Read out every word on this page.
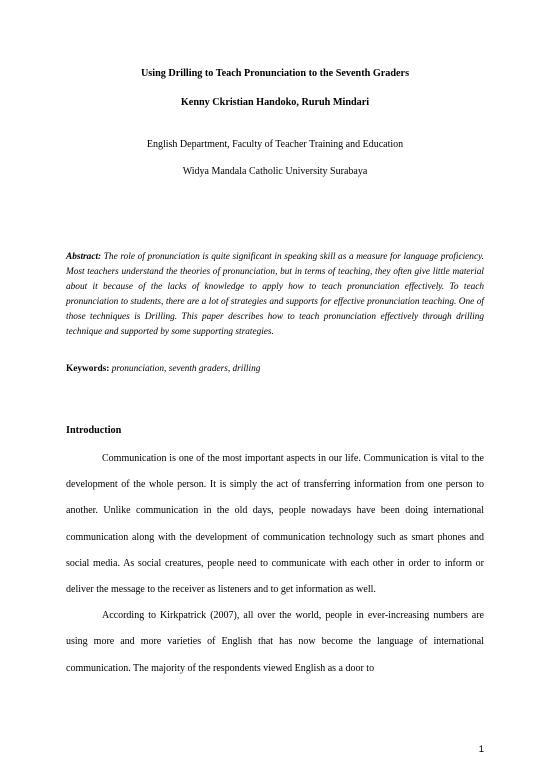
Using Drilling to Teach Pronunciation to the Seventh Graders
Kenny Ckristian Handoko, Ruruh Mindari
English Department, Faculty of Teacher Training and Education
Widya Mandala Catholic University Surabaya

Abstract: The role of pronunciation is quite significant in speaking skill as a measure for language proficiency. Most teachers understand the theories of pronunciation, but in terms of teaching, they often give little material about it because of the lacks of knowledge to apply how to teach pronunciation effectively. To teach pronunciation to students, there are a lot of strategies and supports for effective pronunciation teaching. One of those techniques is Drilling. This paper describes how to teach pronunciation effectively through drilling technique and supported by some supporting strategies.

Keywords: pronunciation, seventh graders, drilling

Introduction

Communication is one of the most important aspects in our life. Communication is vital to the development of the whole person. It is simply the act of transferring information from one person to another. Unlike communication in the old days, people nowadays have been doing international communication along with the development of communication technology such as smart phones and social media. As social creatures, people need to communicate with each other in order to inform or deliver the message to the receiver as listeners and to get information as well.

According to Kirkpatrick (2007), all over the world, people in ever-increasing numbers are using more and more varieties of English that has now become the language of international communication. The majority of the respondents viewed English as a door to

1
